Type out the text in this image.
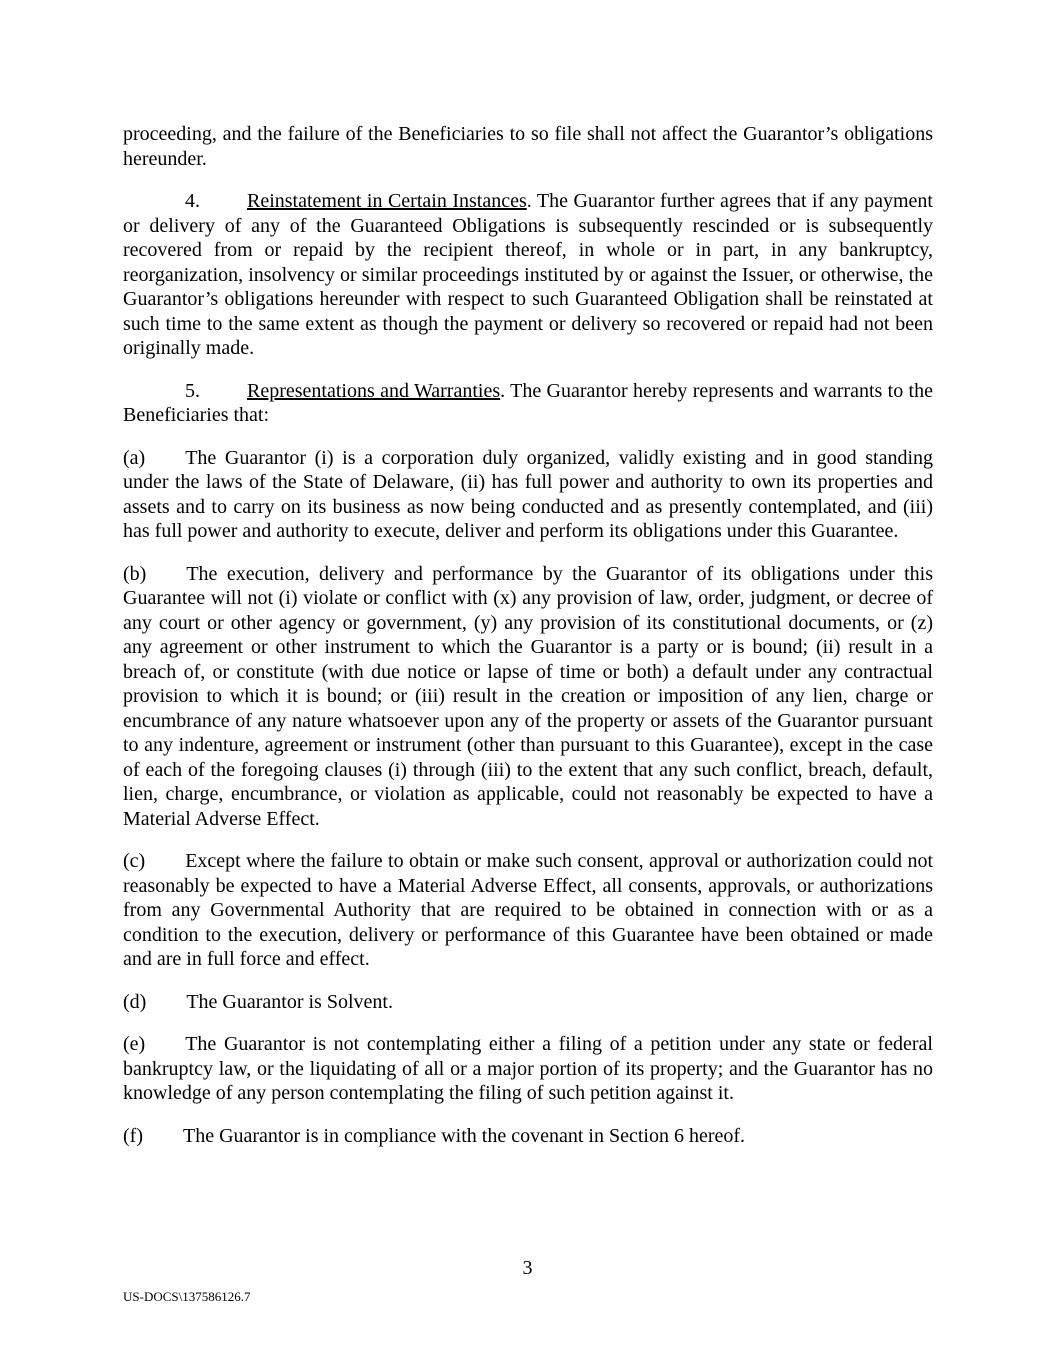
proceeding, and the failure of the Beneficiaries to so file shall not affect the Guarantor’s obligations hereunder.

4. Reinstatement in Certain Instances. The Guarantor further agrees that if any payment or delivery of any of the Guaranteed Obligations is subsequently rescinded or is subsequently recovered from or repaid by the recipient thereof, in whole or in part, in any bankruptcy, reorganization, insolvency or similar proceedings instituted by or against the Issuer, or otherwise, the Guarantor’s obligations hereunder with respect to such Guaranteed Obligation shall be reinstated at such time to the same extent as though the payment or delivery so recovered or repaid had not been originally made.

5. Representations and Warranties. The Guarantor hereby represents and warrants to the Beneficiaries that:

(a) The Guarantor (i) is a corporation duly organized, validly existing and in good standing under the laws of the State of Delaware, (ii) has full power and authority to own its properties and assets and to carry on its business as now being conducted and as presently contemplated, and (iii) has full power and authority to execute, deliver and perform its obligations under this Guarantee.

(b) The execution, delivery and performance by the Guarantor of its obligations under this Guarantee will not (i) violate or conflict with (x) any provision of law, order, judgment, or decree of any court or other agency or government, (y) any provision of its constitutional documents, or (z) any agreement or other instrument to which the Guarantor is a party or is bound; (ii) result in a breach of, or constitute (with due notice or lapse of time or both) a default under any contractual provision to which it is bound; or (iii) result in the creation or imposition of any lien, charge or encumbrance of any nature whatsoever upon any of the property or assets of the Guarantor pursuant to any indenture, agreement or instrument (other than pursuant to this Guarantee), except in the case of each of the foregoing clauses (i) through (iii) to the extent that any such conflict, breach, default, lien, charge, encumbrance, or violation as applicable, could not reasonably be expected to have a Material Adverse Effect.

(c) Except where the failure to obtain or make such consent, approval or authorization could not reasonably be expected to have a Material Adverse Effect, all consents, approvals, or authorizations from any Governmental Authority that are required to be obtained in connection with or as a condition to the execution, delivery or performance of this Guarantee have been obtained or made and are in full force and effect.

(d) The Guarantor is Solvent.

(e) The Guarantor is not contemplating either a filing of a petition under any state or federal bankruptcy law, or the liquidating of all or a major portion of its property; and the Guarantor has no knowledge of any person contemplating the filing of such petition against it.

(f) The Guarantor is in compliance with the covenant in Section 6 hereof.

3
US-DOCS\137586126.7
